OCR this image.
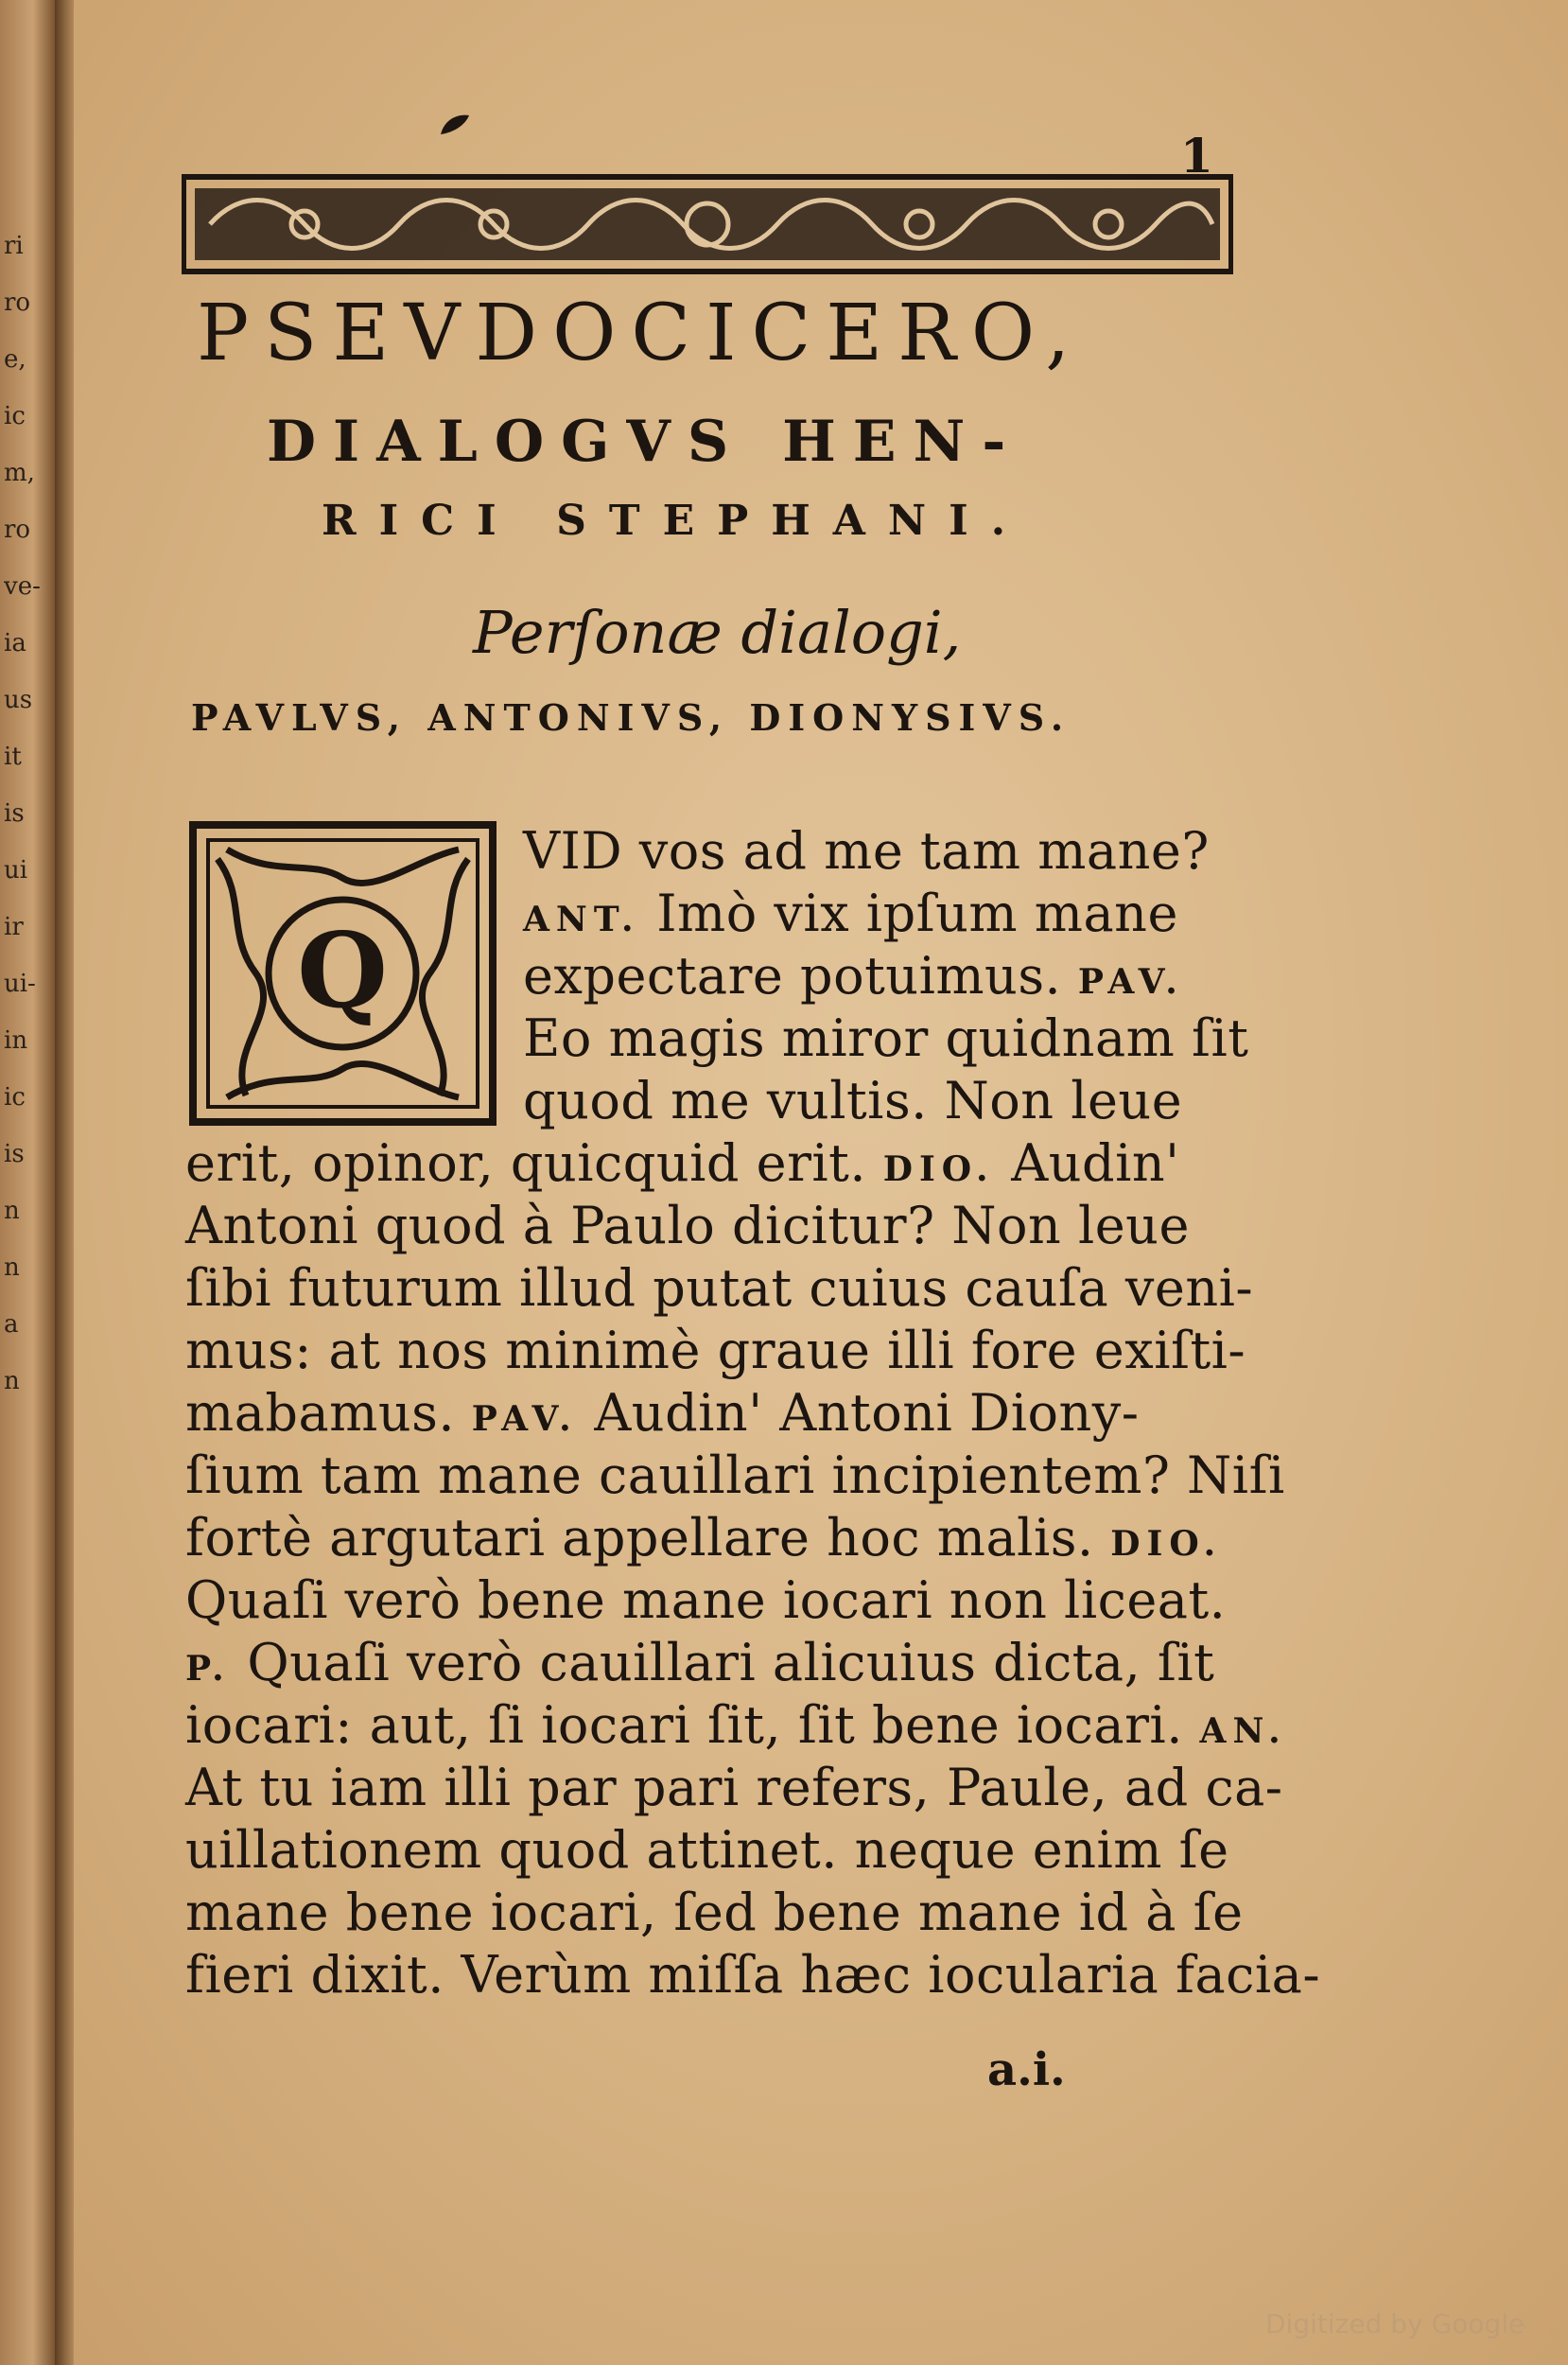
ri
ro
e,
ic
m,
ro
ve-
ia
us
it
is
ui
ir
ui-
in
ic
is
n
n
a
n
1
PSEVDOCICERO,
DIALOGVS HEN-
RICI STEPHANI.
Perſonæ dialogi,
PAVLVS, ANTONIVS, DIONYSIVS.
Q
VID vos ad me tam mane?
ANT. Imò vix ipſum mane
expectare potuimus. PAV.
Eo magis miror quidnam ſit
quod me vultis. Non leue
erit, opinor, quicquid erit. DIO. Audin'
Antoni quod à Paulo dicitur? Non leue
ſibi futurum illud putat cuius cauſa veni-
mus: at nos minimè graue illi fore exiſti-
mabamus. PAV. Audin' Antoni Diony-
ſium tam mane cauillari incipientem? Niſi
fortè argutari appellare hoc malis. DIO.
Quaſi verò bene mane iocari non liceat.
P. Quaſi verò cauillari alicuius dicta, ſit
iocari: aut, ſi iocari ſit, ſit bene iocari. AN.
At tu iam illi par pari refers, Paule, ad ca-
uillationem quod attinet. neque enim ſe
mane bene iocari, ſed bene mane id à ſe
fieri dixit. Verùm miſſa hæc iocularia facia-
a.i.
Digitized by Google
